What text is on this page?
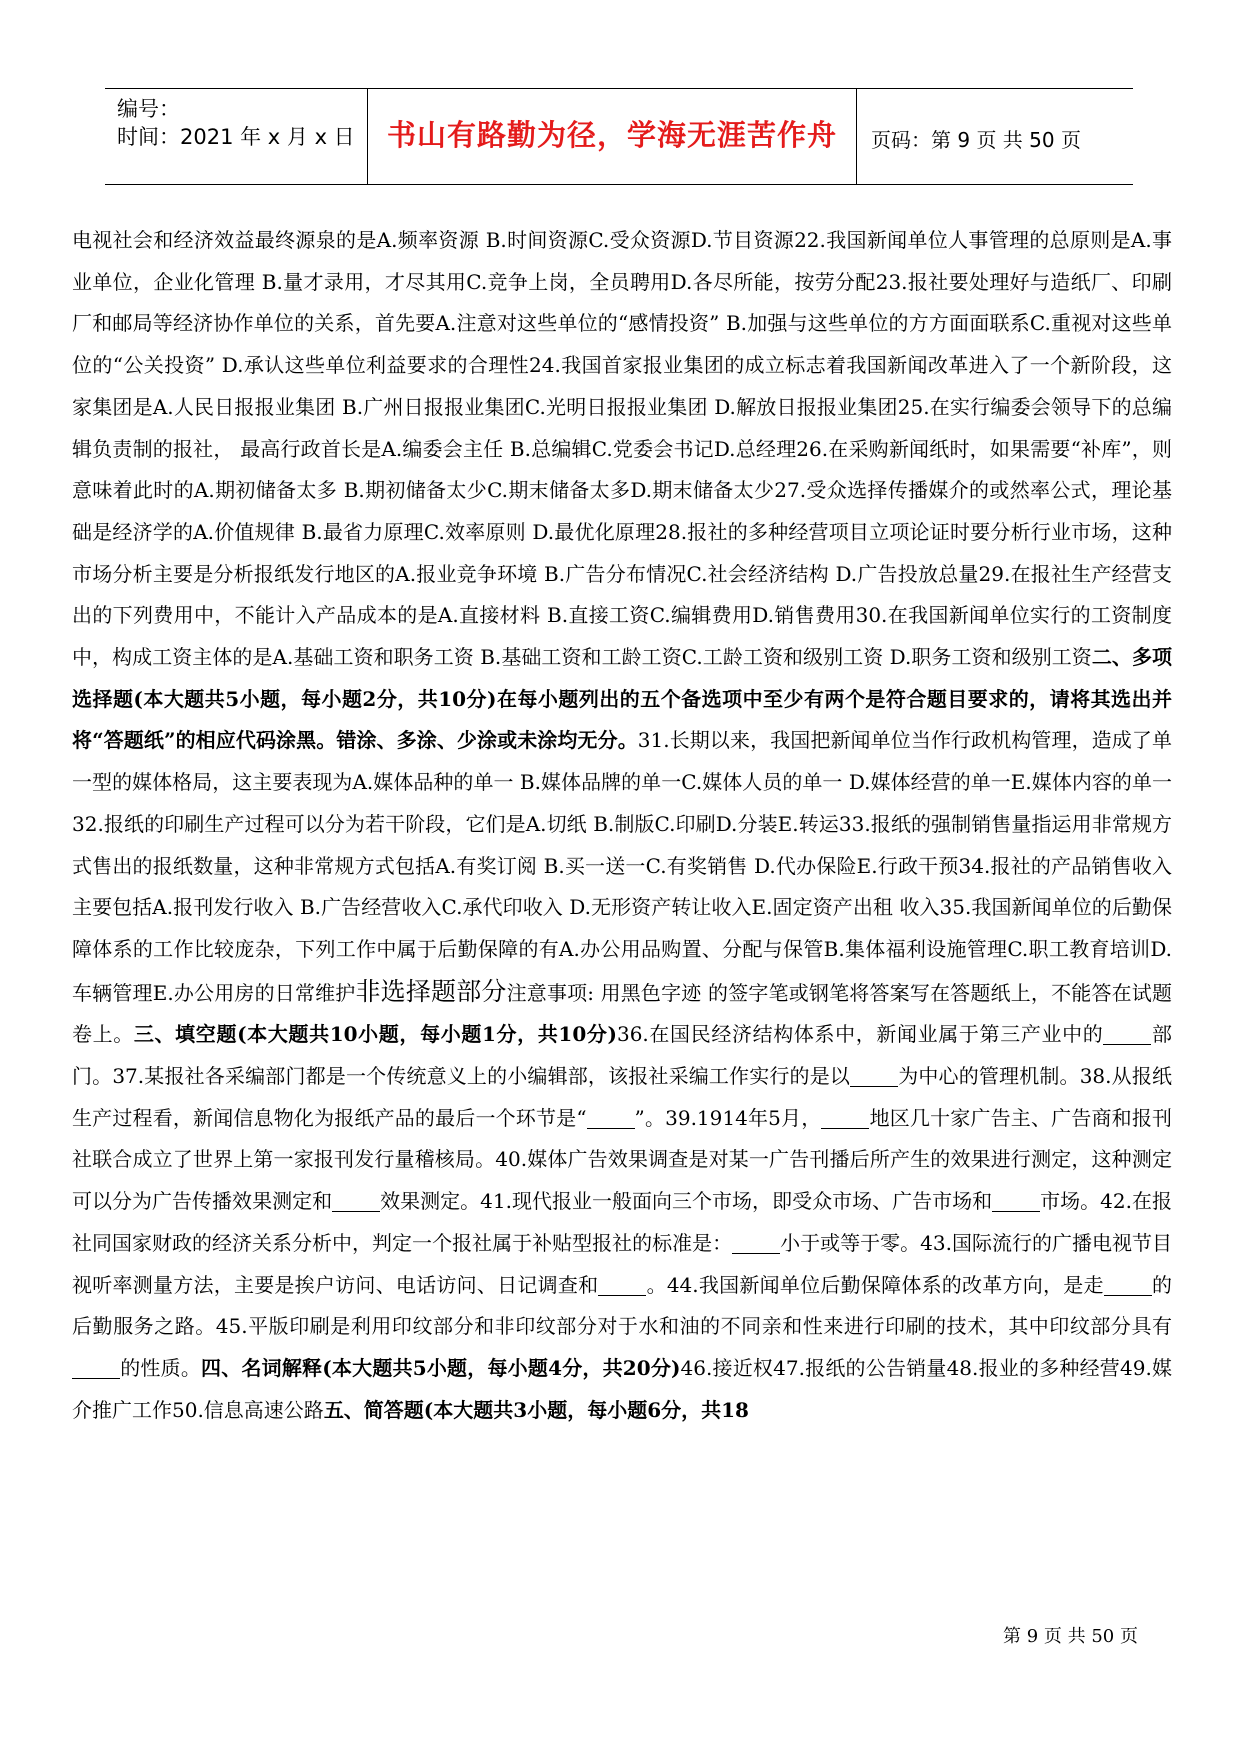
编号：
时间：2021 年 x 月 x 日	书山有路勤为径，学海无涯苦作舟	页码：第 9 页 共 50 页
电视社会和经济效益最终源泉的是A.频率资源 B.时间资源C.受众资源D.节目资源22.我国新闻单位人事管理的总原则是A.事业单位，企业化管理 B.量才录用，才尽其用C.竞争上岗，全员聘用D.各尽所能，按劳分配23.报社要处理好与造纸厂、印刷厂和邮局等经济协作单位的关系，首先要A.注意对这些单位的“感情投资” B.加强与这些单位的方方面面联系C.重视对这些单位的“公关投资” D.承认这些单位利益要求的合理性24.我国首家报业集团的成立标志着我国新闻改革进入了一个新阶段，这家集团是A.人民日报报业集团 B.广州日报报业集团C.光明日报报业集团 D.解放日报报业集团25.在实行编委会领导下的总编辑负责制的报社， 最高行政首长是A.编委会主任 B.总编辑C.党委会书记D.总经理26.在采购新闻纸时，如果需要“补库”，则意味着此时的A.期初储备太多 B.期初储备太少C.期末储备太多D.期末储备太少27.受众选择传播媒介的或然率公式，理论基础是经济学的A.价值规律 B.最省力原理C.效率原则 D.最优化原理28.报社的多种经营项目立项论证时要分析行业市场，这种市场分析主要是分析报纸发行地区的A.报业竞争环境 B.广告分布情况C.社会经济结构 D.广告投放总量29.在报社生产经营支出的下列费用中，不能计入产品成本的是A.直接材料 B.直接工资C.编辑费用D.销售费用30.在我国新闻单位实行的工资制度 中，构成工资主体的是A.基础工资和职务工资 B.基础工资和工龄工资C.工龄工资和级别工资 D.职务工资和级别工资二、多项选择题(本大题共5小题，每小题2分，共10分)在每小题列出的五个备选项中至少有两个是符合题目要求的，请将其选出并将“答题纸”的相应代码涂黑。错涂、多涂、少涂或未涂均无分。31.长期以来，我国把新闻单位当作行政机构管理，造成了单一型的媒体格局，这主要表现为A.媒体品种的单一 B.媒体品牌的单一C.媒体人员的单一 D.媒体经营的单一E.媒体内容的单一32.报纸的印刷生产过程可以分为若干阶段，它们是A.切纸 B.制版C.印刷D.分装E.转运33.报纸的强制销售量指运用非常规方式售出的报纸数量，这种非常规方式包括A.有奖订阅 B.买一送一C.有奖销售 D.代办保险E.行政干预34.报社的产品销售收入主要包括A.报刊发行收入 B.广告经营收入C.承代印收入 D.无形资产转让收入E.固定资产出租 收入35.我国新闻单位的后勤保障体系的工作比较庞杂，下列工作中属于后勤保障的有A.办公用品购置、分配与保管B.集体福利设施管理C.职工教育培训D.车辆管理E.办公用房的日常维护非选择题部分注意事项: 用黑色字迹 的签字笔或钢笔将答案写在答题纸上，不能答在试题卷上。三、填空题(本大题共10小题，每小题1分，共10分)36.在国民经济结构体系中，新闻业属于第三产业中的 部门。37.某报社各采编部门都是一个传统意义上的小编辑部，该报社采编工作实行的是以 为中心的管理机制。38.从报纸生产过程看，新闻信息物化为报纸产品的最后一个环节是“ ”。39.1914年5月， 地区几十家广告主、广告商和报刊社联合成立了世界上第一家报刊发行量稽核局。40.媒体广告效果调查是对某一广告刊播后所产生的效果进行测定，这种测定可以分为广告传播效果测定和 效果测定。41.现代报业一般面向三个市场，即受众市场、广告市场和 市场。42.在报社同国家财政的经济关系分析中，判定一个报社属于补贴型报社的标准是： 小于或等于零。43.国际流行的广播电视节目视听率测量方法，主要是挨户访问、电话访问、日记调查和 。44.我国新闻单位后勤保障体系的改革方向，是走 的后勤服务之路。45.平版印刷是利用印纹部分和非印纹部分对于水和油的不同亲和性来进行印刷的技术，其中印纹部分具有的性质。四、名词解释(本大题共5小题，每小题4分，共20分)46.接近权47.报纸的公告销量48.报业的多种经营49.媒介推广工作50.信息高速公路五、简答题(本大题共3小题，每小题6分，共18
第 9 页 共 50 页
